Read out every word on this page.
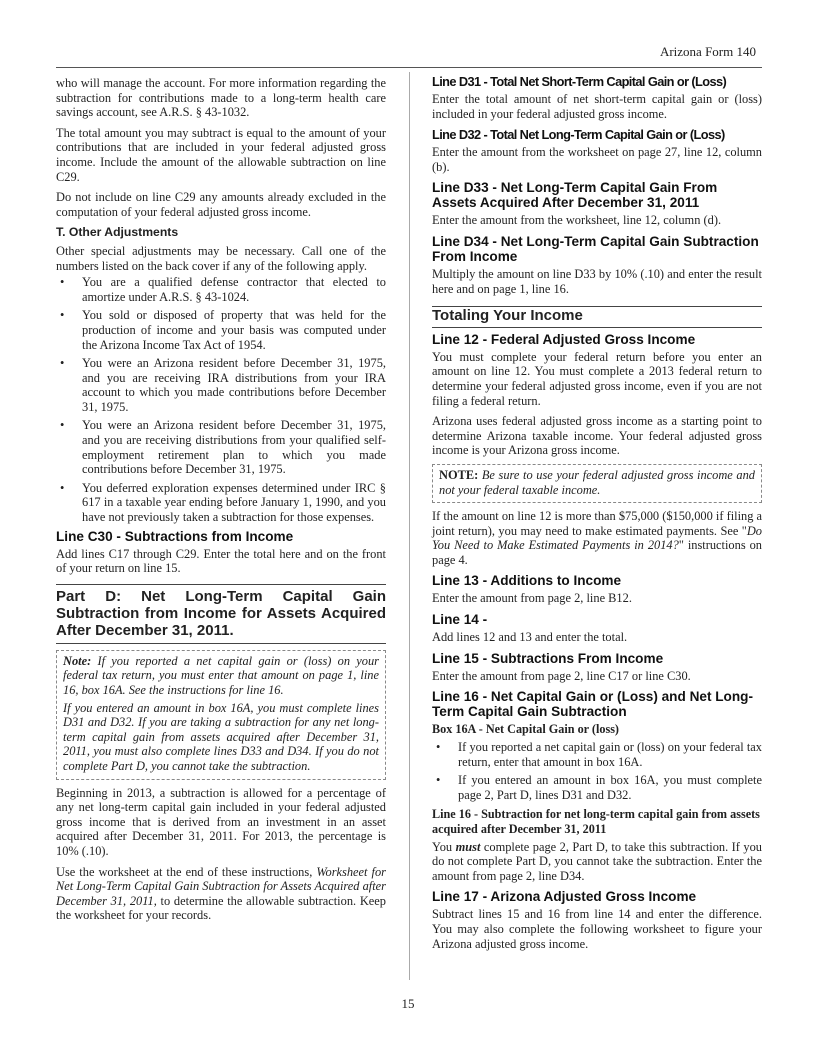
Arizona Form 140

who will manage the account. For more information regarding the subtraction for contributions made to a long-term health care savings account, see A.R.S. § 43-1032.

The total amount you may subtract is equal to the amount of your contributions that are included in your federal adjusted gross income. Include the amount of the allowable subtraction on line C29.

Do not include on line C29 any amounts already excluded in the computation of your federal adjusted gross income.

T. Other Adjustments

Other special adjustments may be necessary. Call one of the numbers listed on the back cover if any of the following apply.

• You are a qualified defense contractor that elected to amortize under A.R.S. § 43-1024.
• You sold or disposed of property that was held for the production of income and your basis was computed under the Arizona Income Tax Act of 1954.
• You were an Arizona resident before December 31, 1975, and you are receiving IRA distributions from your IRA account to which you made contributions before December 31, 1975.
• You were an Arizona resident before December 31, 1975, and you are receiving distributions from your qualified self-employment retirement plan to which you made contributions before December 31, 1975.
• You deferred exploration expenses determined under IRC § 617 in a taxable year ending before January 1, 1990, and you have not previously taken a subtraction for those expenses.
Line C30 - Subtractions from Income

Add lines C17 through C29. Enter the total here and on the front of your return on line 15.

Part D: Net Long-Term Capital Gain Subtraction from Income for Assets Acquired After December 31, 2011.

Note: If you reported a net capital gain or (loss) on your federal tax return, you must enter that amount on page 1, line 16, box 16A. See the instructions for line 16.

If you entered an amount in box 16A, you must complete lines D31 and D32. If you are taking a subtraction for any net long-term capital gain from assets acquired after December 31, 2011, you must also complete lines D33 and D34. If you do not complete Part D, you cannot take the subtraction.

Beginning in 2013, a subtraction is allowed for a percentage of any net long-term capital gain included in your federal adjusted gross income that is derived from an investment in an asset acquired after December 31, 2011. For 2013, the percentage is 10% (.10).

Use the worksheet at the end of these instructions, Worksheet for Net Long-Term Capital Gain Subtraction for Assets Acquired after December 31, 2011, to determine the allowable subtraction. Keep the worksheet for your records.

Line D31 - Total Net Short-Term Capital Gain or (Loss)

Enter the total amount of net short-term capital gain or (loss) included in your federal adjusted gross income.

Line D32 - Total Net Long-Term Capital Gain or (Loss)

Enter the amount from the worksheet on page 27, line 12, column (b).

Line D33 - Net Long-Term Capital Gain From Assets Acquired After December 31, 2011

Enter the amount from the worksheet, line 12, column (d).

Line D34 - Net Long-Term Capital Gain Subtraction From Income

Multiply the amount on line D33 by 10% (.10) and enter the result here and on page 1, line 16.

Totaling Your Income
Line 12 - Federal Adjusted Gross Income

You must complete your federal return before you enter an amount on line 12. You must complete a 2013 federal return to determine your federal adjusted gross income, even if you are not filing a federal return.

Arizona uses federal adjusted gross income as a starting point to determine Arizona taxable income. Your federal adjusted gross income is your Arizona gross income.

NOTE: Be sure to use your federal adjusted gross income and not your federal taxable income.

If the amount on line 12 is more than $75,000 ($150,000 if filing a joint return), you may need to make estimated payments. See "Do You Need to Make Estimated Payments in 2014?" instructions on page 4.

Line 13 - Additions to Income

Enter the amount from page 2, line B12.

Line 14 -

Add lines 12 and 13 and enter the total.

Line 15 - Subtractions From Income

Enter the amount from page 2, line C17 or line C30.

Line 16 - Net Capital Gain or (Loss) and Net Long-Term Capital Gain Subtraction
Box 16A - Net Capital Gain or (loss)
• If you reported a net capital gain or (loss) on your federal tax return, enter that amount in box 16A.
• If you entered an amount in box 16A, you must complete page 2, Part D, lines D31 and D32.
Line 16 - Subtraction for net long-term capital gain from assets acquired after December 31, 2011

You must complete page 2, Part D, to take this subtraction. If you do not complete Part D, you cannot take the subtraction. Enter the amount from page 2, line D34.

Line 17 - Arizona Adjusted Gross Income

Subtract lines 15 and 16 from line 14 and enter the difference. You may also complete the following worksheet to figure your Arizona adjusted gross income.

15
